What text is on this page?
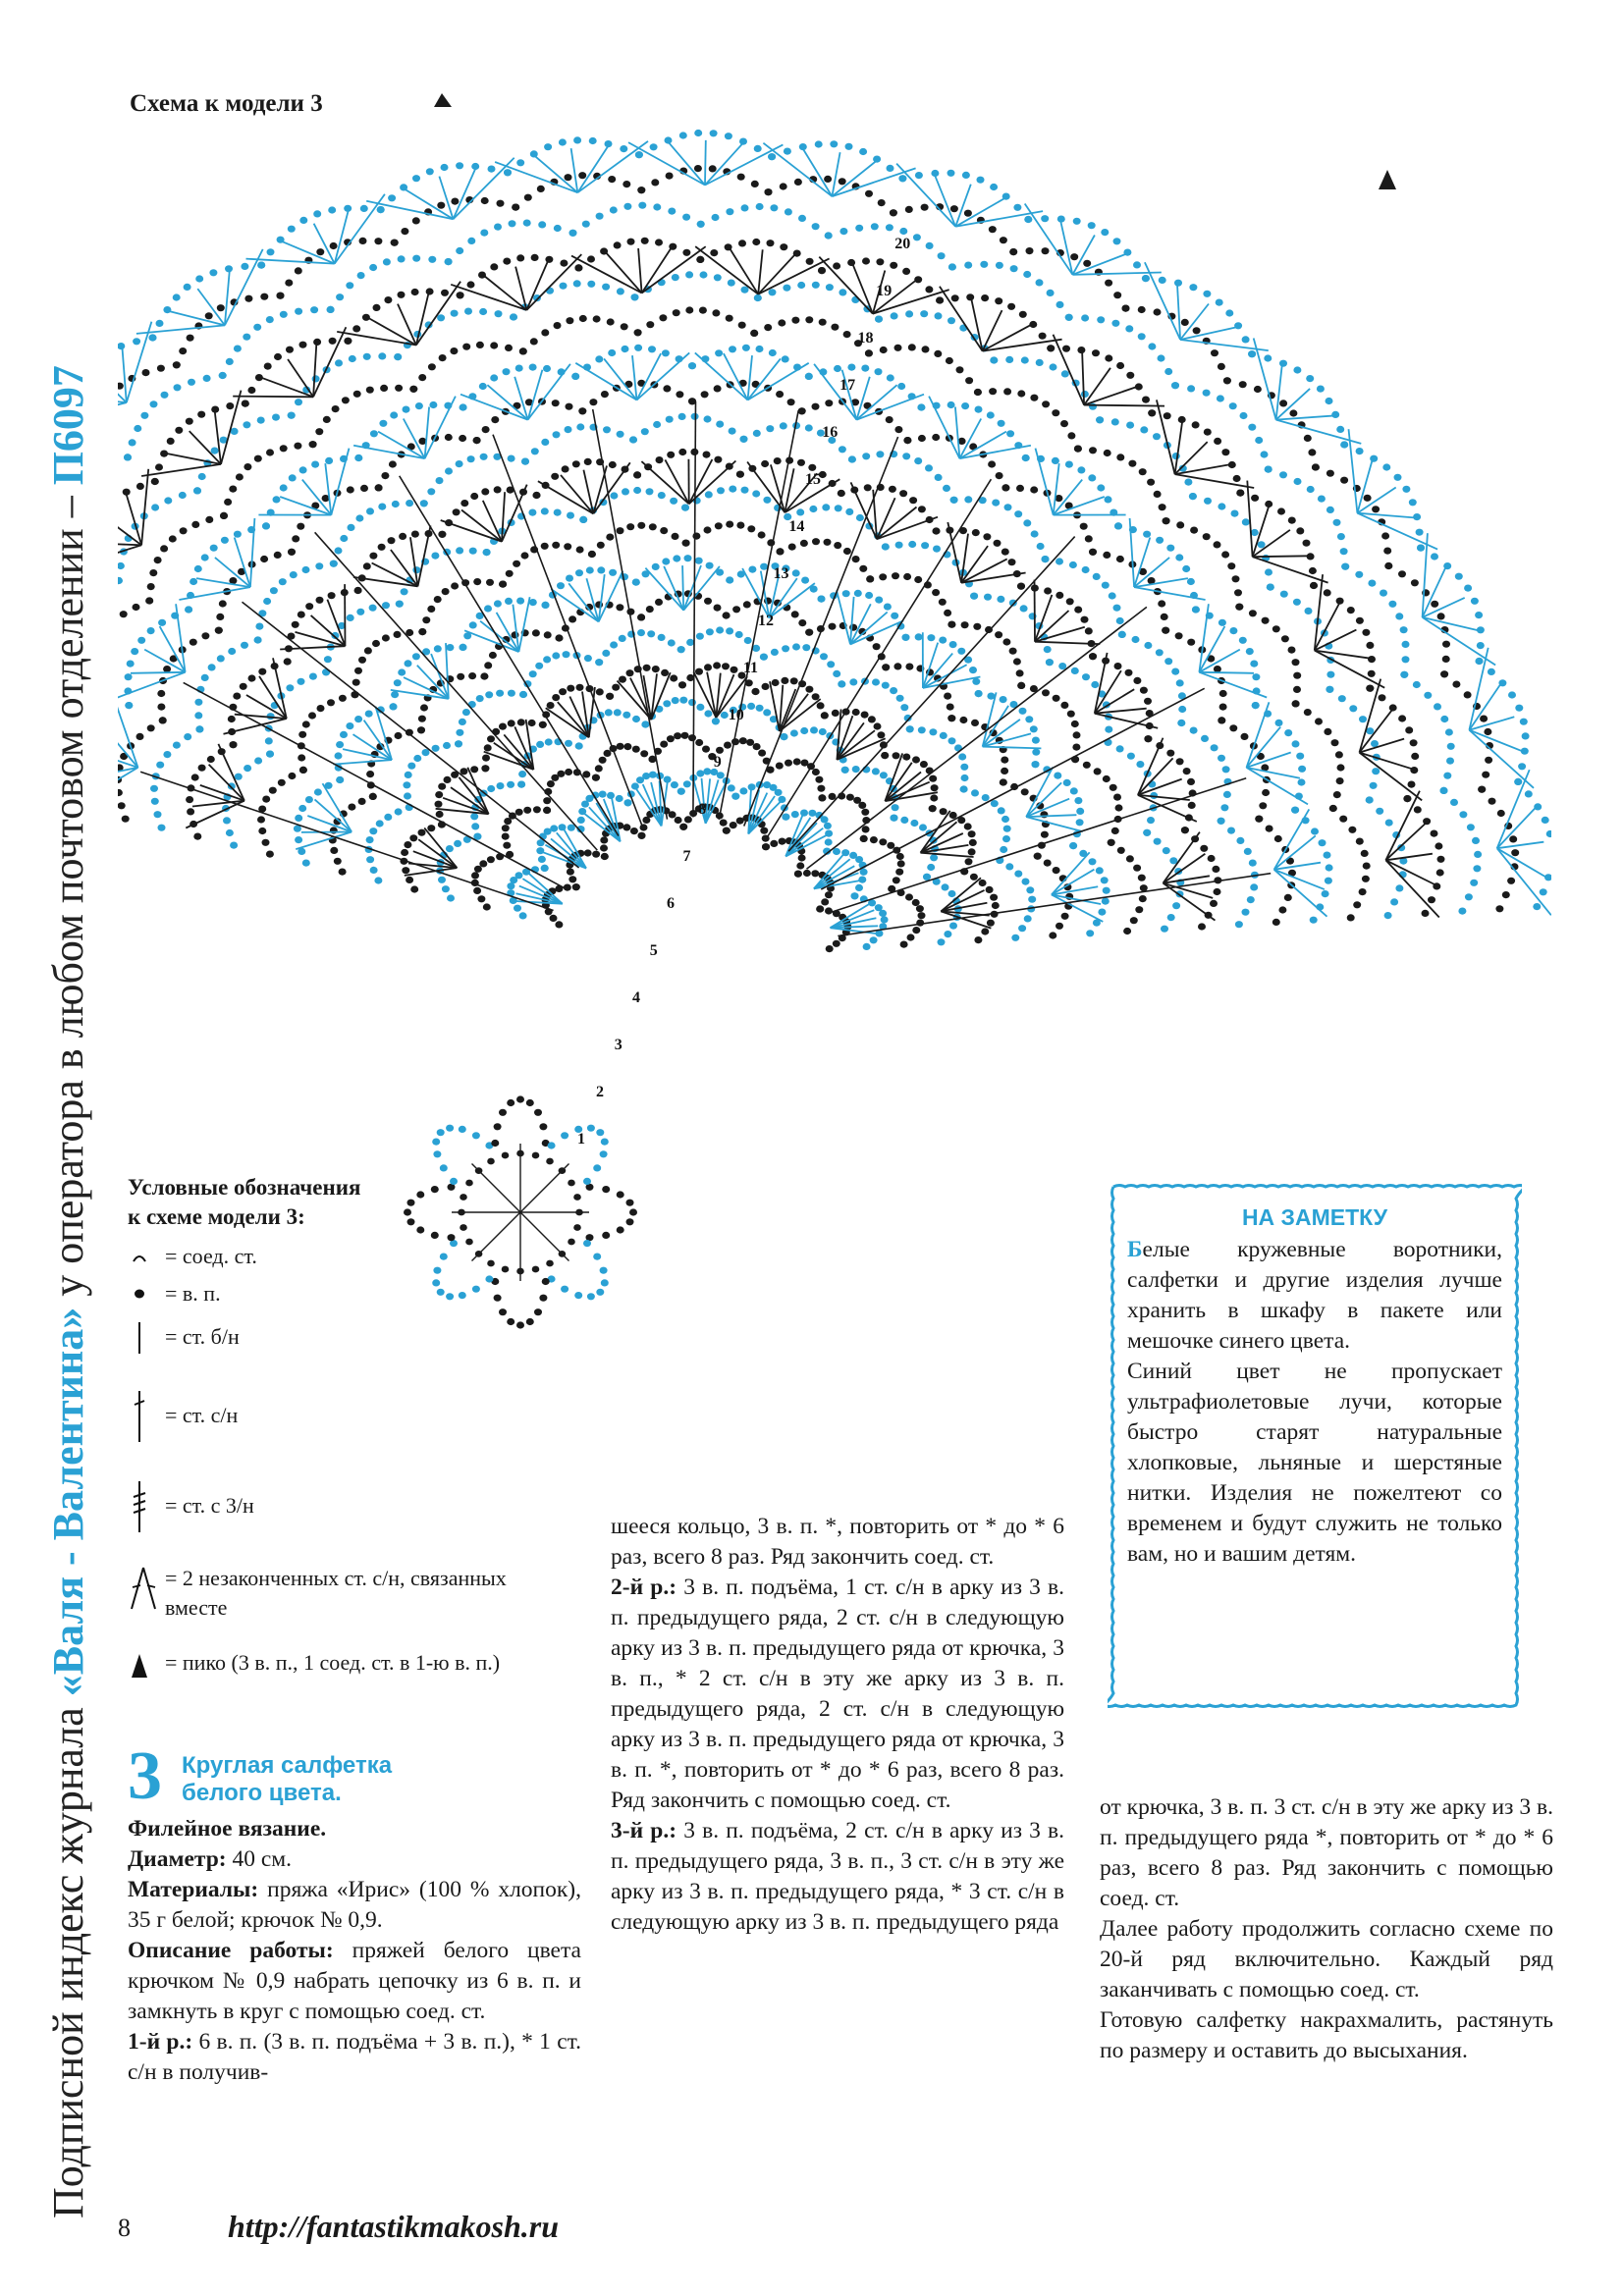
Подписной индекс журнала «Валя - Валентина» у оператора в любом почтовом отделении – П6097
Схема к модели 3
1
2
3
4
5
6
7
8
9
10
11
12
13
14
15
16
17
18
19
20
Условные обозначения
к схеме модели 3:
= соед. ст.
= в. п.
= ст. б/н
= ст. с/н
= ст. с 3/н
= 2 незаконченных ст. с/н, связанных вместе
= пико (3 в. п., 1 соед. ст. в 1-ю в. п.)
3 Круглая салфетка
белого цвета.

Филейное вязание.

Диаметр: 40 см.

Материалы: пряжа «Ирис» (100 % хлопок), 35 г белой; крючок № 0,9.

Описание работы: пряжей белого цвета крючком № 0,9 набрать цепочку из 6 в. п. и замкнуть в круг с помощью соед. ст.

1-й р.: 6 в. п. (3 в. п. подъёма + 3 в. п.), * 1 ст. с/н в получив-

шееся кольцо, 3 в. п. *, повторить от * до * 6 раз, всего 8 раз. Ряд закончить соед. ст.

2-й р.: 3 в. п. подъёма, 1 ст. с/н в арку из 3 в. п. предыдущего ряда, 2 ст. с/н в следующую арку из 3 в. п. предыдущего ряда от крючка, 3 в. п., * 2 ст. с/н в эту же арку из 3 в. п. предыдущего ряда, 2 ст. с/н в следующую арку из 3 в. п. предыдущего ряда от крючка, 3 в. п. *, повторить от * до * 6 раз, всего 8 раз. Ряд закончить с помощью соед. ст.

3-й р.: 3 в. п. подъёма, 2 ст. с/н в арку из 3 в. п. предыдущего ряда, 3 в. п., 3 ст. с/н в эту же арку из 3 в. п. предыдущего ряда, * 3 ст. с/н в следующую арку из 3 в. п. предыдущего ряда

от крючка, 3 в. п. 3 ст. с/н в эту же арку из 3 в. п. предыдущего ряда *, повторить от * до * 6 раз, всего 8 раз. Ряд закончить с помощью соед. ст.

Далее работу продолжить согласно схеме по 20-й ряд включительно. Каждый ряд заканчивать с помощью соед. ст.

Готовую салфетку накрахмалить, растянуть по размеру и оставить до высыхания.

НА ЗАМЕТКУ

Белые кружевные воротники, салфетки и другие изделия лучше хранить в шкафу в пакете или мешочке синего цвета.

Синий цвет не пропускает ультрафиолетовые лучи, которые быстро старят натуральные хлопковые, льняные и шерстяные нитки. Изделия не пожелтеют со временем и будут служить не только вам, но и вашим детям.

8	http://fantastikmakosh.ru
